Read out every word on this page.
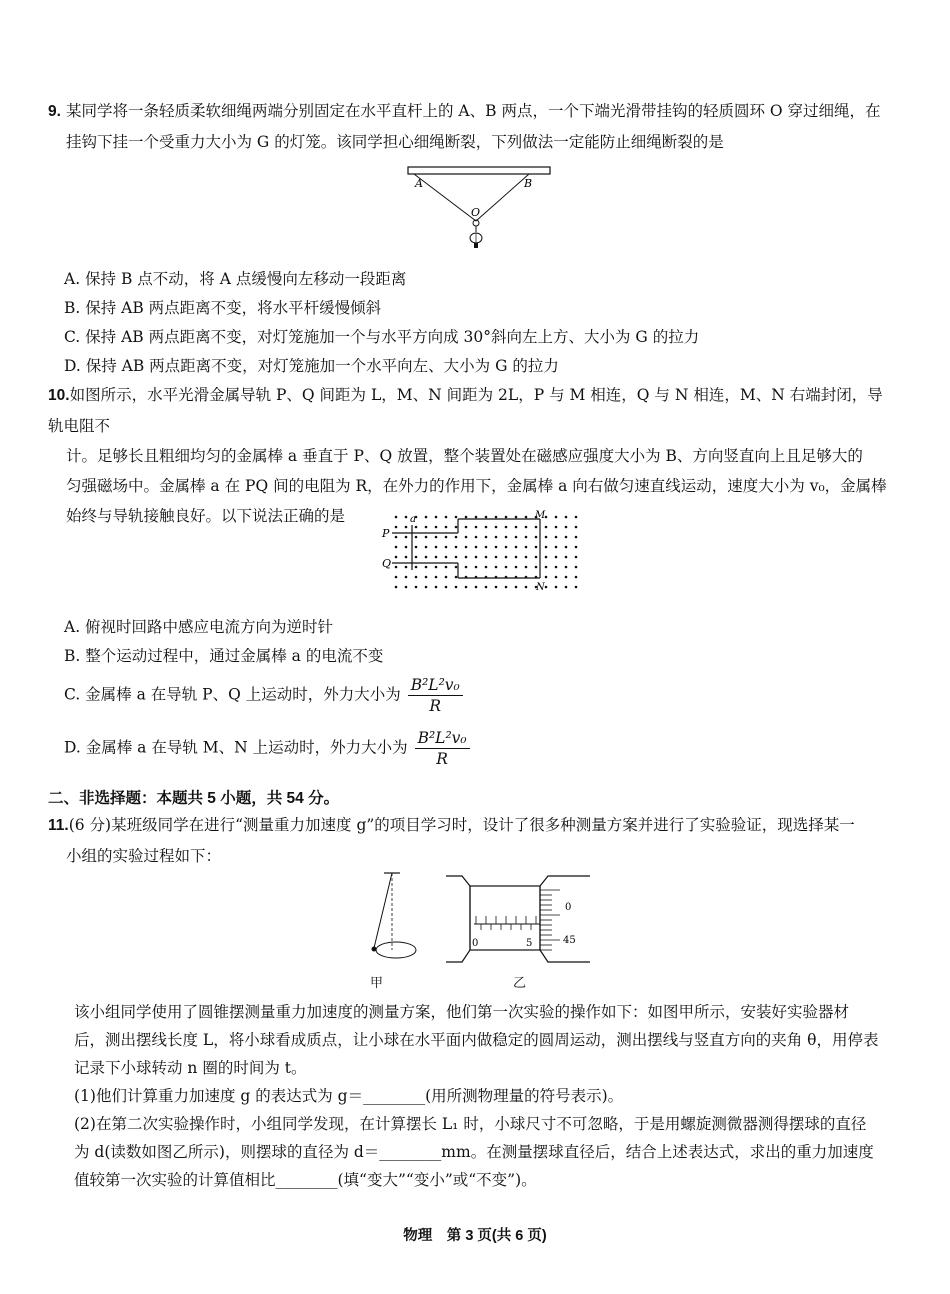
9. 某同学将一条轻质柔软细绳两端分别固定在水平直杆上的 A、B 两点，一个下端光滑带挂钩的轻质圆环 O 穿过细绳，在
挂钩下挂一个受重力大小为 G 的灯笼。该同学担心细绳断裂，下列做法一定能防止细绳断裂的是
A	B
O
A. 保持 B 点不动，将 A 点缓慢向左移动一段距离
B. 保持 AB 两点距离不变，将水平杆缓慢倾斜
C. 保持 AB 两点距离不变，对灯笼施加一个与水平方向成 30°斜向左上方、大小为 G 的拉力
D. 保持 AB 两点距离不变，对灯笼施加一个水平向左、大小为 G 的拉力
10.如图所示，水平光滑金属导轨 P、Q 间距为 L，M、N 间距为 2L，P 与 M 相连，Q 与 N 相连，M、N 右端封闭，导轨电阻不
计。足够长且粗细均匀的金属棒 a 垂直于 P、Q 放置，整个装置处在磁感应强度大小为 B、方向竖直向上且足够大的
匀强磁场中。金属棒 a 在 PQ 间的电阻为 R，在外力的作用下，金属棒 a 向右做匀速直线运动，速度大小为 v₀，金属棒
始终与导轨接触良好。以下说法正确的是
P
Q
a	M
N
A. 俯视时回路中感应电流方向为逆时针
B. 整个运动过程中，通过金属棒 a 的电流不变
C. 金属棒 a 在导轨 P、Q 上运动时，外力大小为 $\frac{\text{B²L²v₀}}{R}$
D. 金属棒 a 在导轨 M、N 上运动时，外力大小为 $\frac{\text{B²L²v₀}}{R}$
二、非选择题：本题共 5 小题，共 54 分。
11.(6 分)某班级同学在进行“测量重力加速度 g”的项目学习时，设计了很多种测量方案并进行了实验验证，现选择某一
小组的实验过程如下：
甲
0	5
0
45
乙
该小组同学使用了圆锥摆测量重力加速度的测量方案，他们第一次实验的操作如下：如图甲所示，安装好实验器材
后，测出摆线长度 L，将小球看成质点，让小球在水平面内做稳定的圆周运动，测出摆线与竖直方向的夹角 θ，用停表
记录下小球转动 n 圈的时间为 t。
(1)他们计算重力加速度 g 的表达式为 g＝________(用所测物理量的符号表示)。
(2)在第二次实验操作时，小组同学发现，在计算摆长 L₁ 时，小球尺寸不可忽略，于是用螺旋测微器测得摆球的直径
为 d(读数如图乙所示)，则摆球的直径为 d＝________mm。在测量摆球直径后，结合上述表达式，求出的重力加速度
值较第一次实验的计算值相比________(填“变大”“变小”或“不变”)。
物理　第 3 页(共 6 页)
